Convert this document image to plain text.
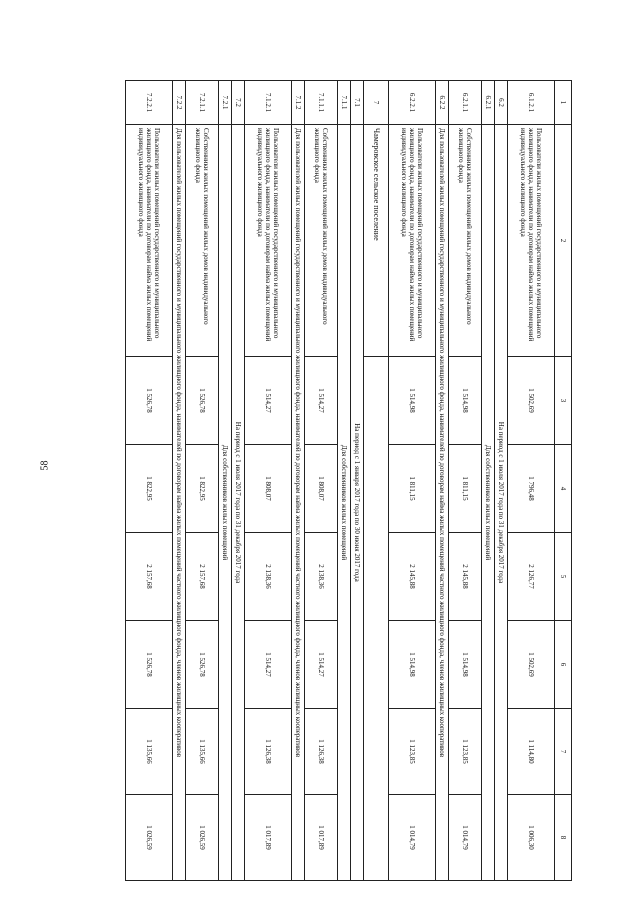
58
1	2	3	4	5	6	7	8
6.1.2.1	Пользователи жилых помещений государственного и муниципального жилищного фонда, наниматели по договорам найма жилых помещений индивидуального жилищного фонда	1 502,69	1 796,48	2 126,77	1 502,69	1 114,80	1 006,30
6.2	На период с 1 июля 2017 года по 31 декабря 2017 года						
6.2.1	Для собственников жилых помещений						
6.2.1.1	Собственники жилых помещений жилых домов индивидуального жилищного фонда	1 514,98	1 811,15	2 145,88	1 514,98	1 123,85	1 014,79
6.2.2	Для пользователей жилых помещений государственного и муниципального жилищного фонда, нанимателей по договорам найма жилых помещений частного жилищного фонда, членов жилищных кооперативов						
6.2.2.1	Пользователи жилых помещений государственного и муниципального жилищного фонда, наниматели по договорам найма жилых помещений индивидуального жилищного фонда	1 514,98	1 811,15	2 145,88	1 514,98	1 123,85	1 014,79
7	Чамеровское сельское поселение						
7.1	На период с 1 января 2017 года по 30 июня 2017 года						
7.1.1	Для собственников жилых помещений						
7.1.1.1	Собственники жилых помещений жилых домов индивидуального жилищного фонда	1 514,27	1 808,07	2 138,36	1 514,27	1 126,38	1 017,89
7.1.2	Для пользователей жилых помещений государственного и муниципального жилищного фонда, нанимателей по договорам найма жилых помещений частного жилищного фонда, членов жилищных кооперативов						
7.1.2.1	Пользователи жилых помещений государственного и муниципального жилищного фонда, наниматели по договорам найма жилых помещений индивидуального жилищного фонда	1 514,27	1 808,07	2 138,36	1 514,27	1 126,38	1 017,89
7.2	На период с 1 июля 2017 года по 31 декабря 2017 года						
7.2.1	Для собственников жилых помещений						
7.2.1.1	Собственники жилых помещений жилых домов индивидуального жилищного фонда	1 526,78	1 822,95	2 157,68	1 526,78	1 135,66	1 026,59
7.2.2	Для пользователей жилых помещений государственного и муниципального жилищного фонда, нанимателей по договорам найма жилых помещений частного жилищного фонда, членов жилищных кооперативов						
7.2.2.1	Пользователи жилых помещений государственного и муниципального жилищного фонда, наниматели по договорам найма жилых помещений индивидуального жилищного фонда	1 526,78	1 822,95	2 157,68	1 526,78	1 135,66	1 026,59
